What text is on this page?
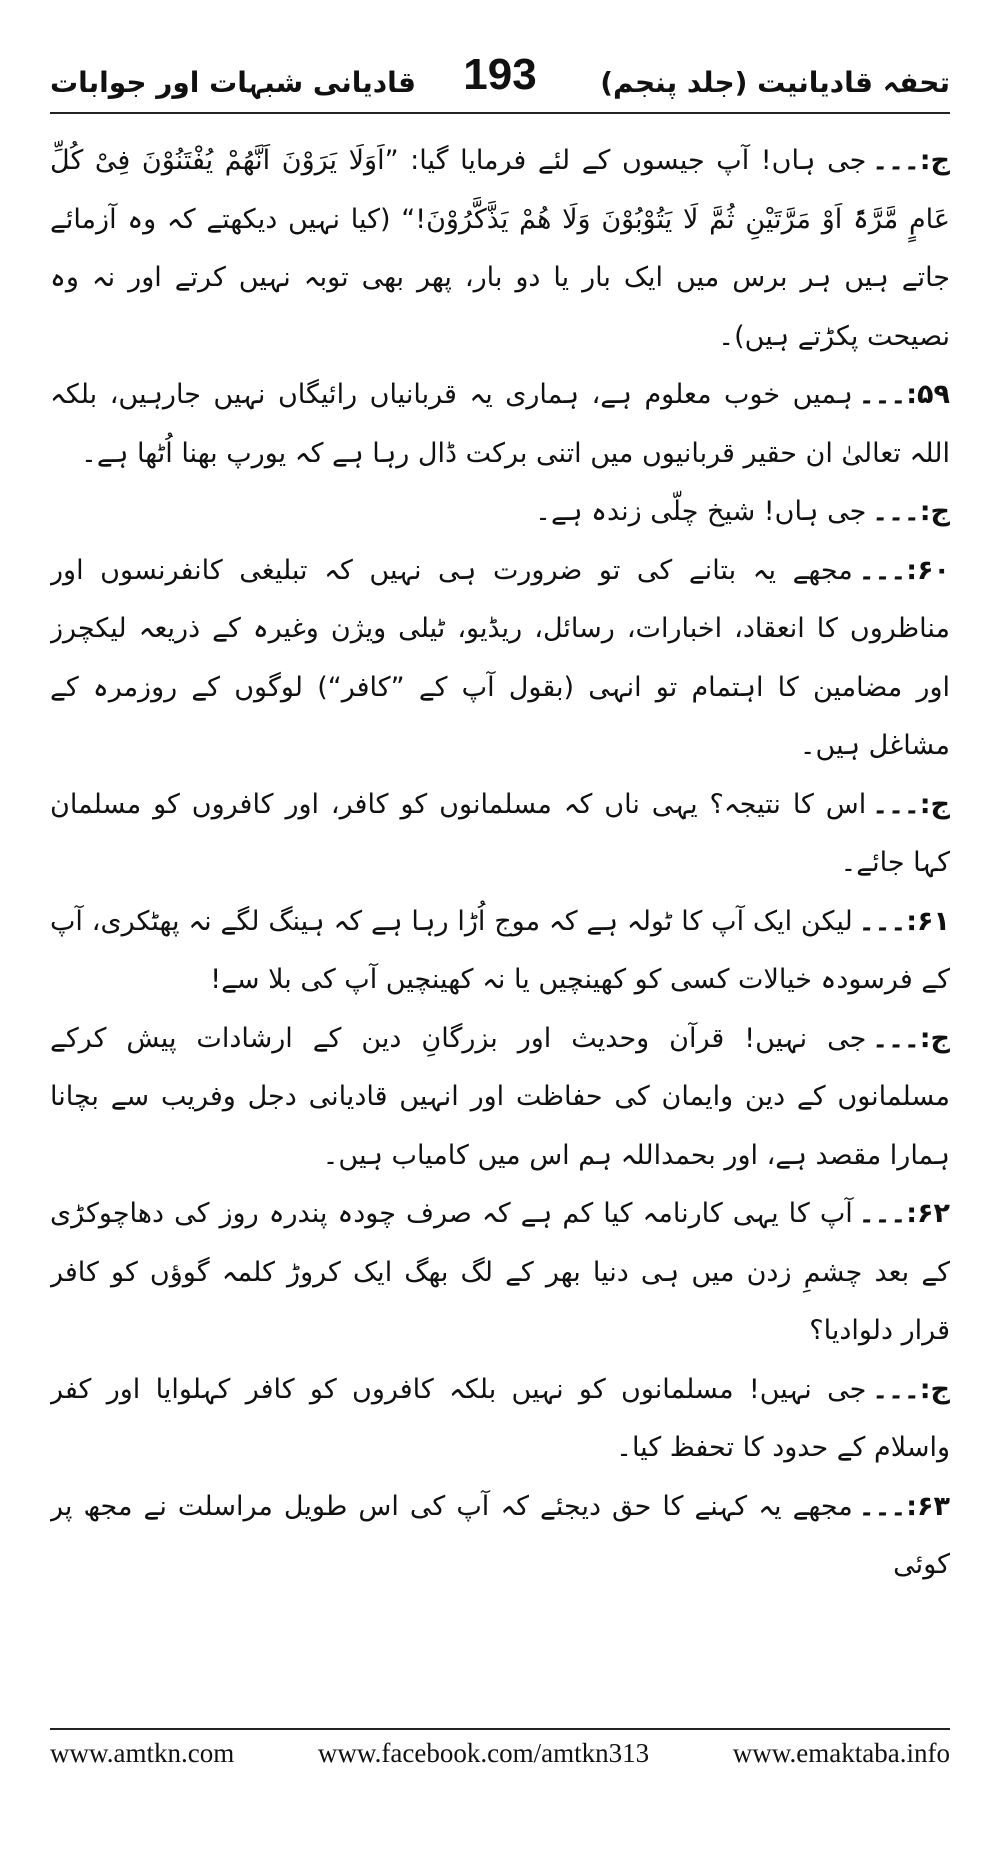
تحفہ قادیانیت (جلد پنجم)
193
قادیانی شبہات اور جوابات

ج:۔۔۔جی ہاں! آپ جیسوں کے لئے فرمایا گیا: ”اَوَلَا یَرَوْنَ اَنَّھُمْ یُفْتَنُوْنَ فِیْ کُلِّ عَامٍ مَّرَّۃً اَوْ مَرَّتَیْنِ ثُمَّ لَا یَتُوْبُوْنَ وَلَا ھُمْ یَذَّکَّرُوْنَ!“ (کیا نہیں دیکھتے کہ وہ آزمائے جاتے ہیں ہر برس میں ایک بار یا دو بار، پھر بھی توبہ نہیں کرتے اور نہ وہ نصیحت پکڑتے ہیں)۔

۵۹:۔۔۔ہمیں خوب معلوم ہے، ہماری یہ قربانیاں رائیگاں نہیں جارہیں، بلکہ اللہ تعالیٰ ان حقیر قربانیوں میں اتنی برکت ڈال رہا ہے کہ یورپ بھنا اُٹھا ہے۔

ج:۔۔۔جی ہاں! شیخ چلّی زندہ ہے۔

۶۰:۔۔۔مجھے یہ بتانے کی تو ضرورت ہی نہیں کہ تبلیغی کانفرنسوں اور مناظروں کا انعقاد، اخبارات، رسائل، ریڈیو، ٹیلی ویژن وغیرہ کے ذریعہ لیکچرز اور مضامین کا اہتمام تو انہی (بقول آپ کے ”کافر“) لوگوں کے روزمرہ کے مشاغل ہیں۔

ج:۔۔۔اس کا نتیجہ؟ یہی ناں کہ مسلمانوں کو کافر، اور کافروں کو مسلمان کہا جائے۔

۶۱:۔۔۔لیکن ایک آپ کا ٹولہ ہے کہ موج اُڑا رہا ہے کہ ہینگ لگے نہ پھٹکری، آپ کے فرسودہ خیالات کسی کو کھینچیں یا نہ کھینچیں آپ کی بلا سے!

ج:۔۔۔جی نہیں! قرآن وحدیث اور بزرگانِ دین کے ارشادات پیش کرکے مسلمانوں کے دین وایمان کی حفاظت اور انہیں قادیانی دجل وفریب سے بچانا ہمارا مقصد ہے، اور بحمداللہ ہم اس میں کامیاب ہیں۔

۶۲:۔۔۔آپ کا یہی کارنامہ کیا کم ہے کہ صرف چودہ پندرہ روز کی دھاچوکڑی کے بعد چشمِ زدن میں ہی دنیا بھر کے لگ بھگ ایک کروڑ کلمہ گوؤں کو کافر قرار دلوادیا؟

ج:۔۔۔جی نہیں! مسلمانوں کو نہیں بلکہ کافروں کو کافر کہلوایا اور کفر واسلام کے حدود کا تحفظ کیا۔

۶۳:۔۔۔مجھے یہ کہنے کا حق دیجئے کہ آپ کی اس طویل مراسلت نے مجھ پر کوئی

www.amtkn.com	www.facebook.com/amtkn313	www.emaktaba.info
